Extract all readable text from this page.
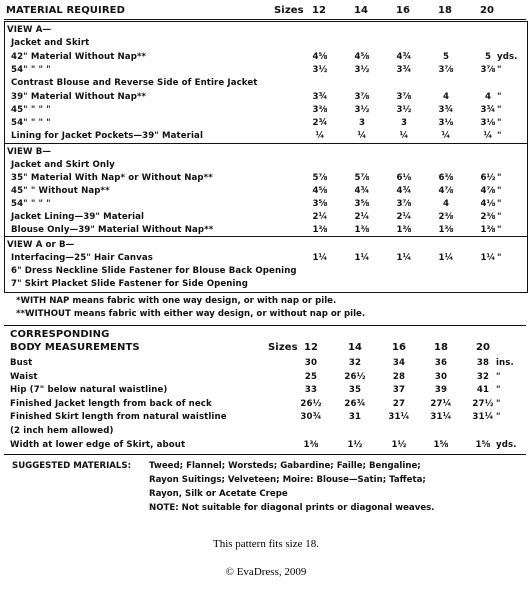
MATERIAL REQUIRED	Sizes 12	14	16	18	20
VIEW A—
Jacket and Skirt
42" Material Without Nap**	4⅝	4⅝	4¾	5	5 yds.
54" " " "	3½	3½	3¾	3⅞	3⅞ "
Contrast Blouse and Reverse Side of Entire Jacket
39" Material Without Nap**	3¾	3⅞	3⅞	4	4 "
45" " " "	3⅜	3½	3½	3¾	3¾ "
54" " " "	2¾	3	3	3⅛	3⅛ "
Lining for Jacket Pockets—39" Material	¼	¼	¼	¼	¼ "
VIEW B—
Jacket and Skirt Only
35" Material With Nap* or Without Nap**	5⅞	5⅞	6⅛	6⅜	6½ "
45" " Without Nap**	4⅝	4¾	4¾	4⅞	4⅞ "
54" " " "	3⅝	3⅝	3⅞	4	4⅛ "
Jacket Lining—39" Material	2¼	2¼	2¼	2⅜	2⅜ "
Blouse Only—39" Material Without Nap**	1⅜	1⅜	1⅜	1⅜	1⅜ "
VIEW A or B—
Interfacing—25" Hair Canvas	1¼	1¼	1¼	1¼	1¼ "
6" Dress Neckline Slide Fastener for Blouse Back Opening
7" Skirt Placket Slide Fastener for Side Opening
*WITH NAP means fabric with one way design, or with nap or pile.
**WITHOUT means fabric with either way design, or without nap or pile.
CORRESPONDING
BODY MEASUREMENTS	Sizes 12	14	16	18	20
Bust	30	32	34	36	38 ins.
Waist	25	26½	28	30	32 "
Hip (7" below natural waistline)	33	35	37	39	41 "
Finished Jacket length from back of neck	26½	26¾	27	27¼	27½ "
Finished Skirt length from natural waistline	30¾	31	31¼	31¼	31¼ "
(2 inch hem allowed)
Width at lower edge of Skirt, about	1⅜	1½	1½	1⅝	1⅝ yds.
SUGGESTED MATERIALS: Tweed; Flannel; Worsteds; Gabardine; Faille; Bengaline;
Rayon Suitings; Velveteen; Moire: Blouse—Satin; Taffeta;
Rayon, Silk or Acetate Crepe
NOTE: Not suitable for diagonal prints or diagonal weaves.
This pattern fits size 18.
© EvaDress, 2009
